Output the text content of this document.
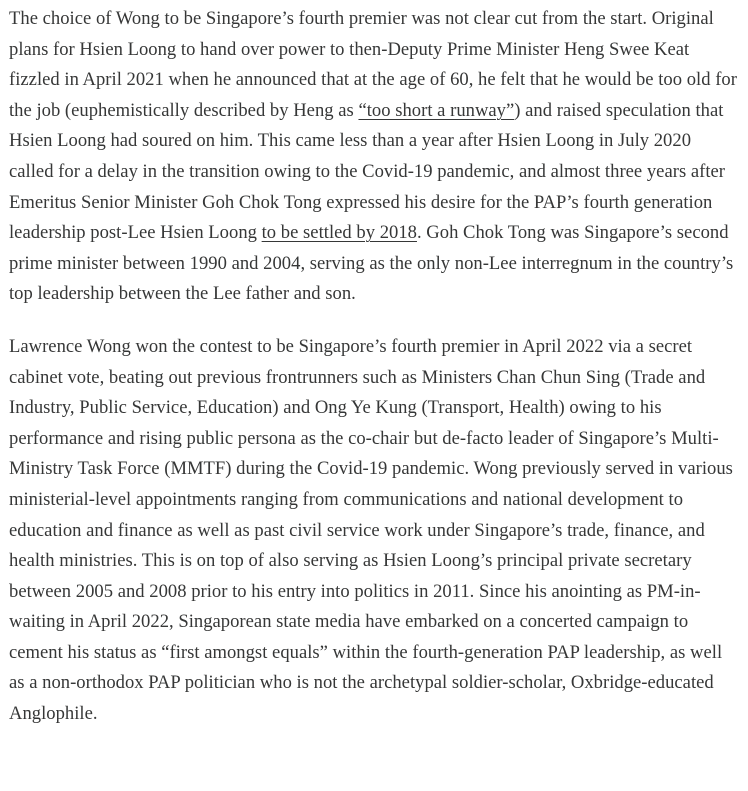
The choice of Wong to be Singapore’s fourth premier was not clear cut from the start. Original plans for Hsien Loong to hand over power to then-Deputy Prime Minister Heng Swee Keat fizzled in April 2021 when he announced that at the age of 60, he felt that he would be too old for the job (euphemistically described by Heng as “too short a runway”) and raised speculation that Hsien Loong had soured on him. This came less than a year after Hsien Loong in July 2020 called for a delay in the transition owing to the Covid-19 pandemic, and almost three years after Emeritus Senior Minister Goh Chok Tong expressed his desire for the PAP’s fourth generation leadership post-Lee Hsien Loong to be settled by 2018. Goh Chok Tong was Singapore’s second prime minister between 1990 and 2004, serving as the only non-Lee interregnum in the country’s top leadership between the Lee father and son.

Lawrence Wong won the contest to be Singapore’s fourth premier in April 2022 via a secret cabinet vote, beating out previous frontrunners such as Ministers Chan Chun Sing (Trade and Industry, Public Service, Education) and Ong Ye Kung (Transport, Health) owing to his performance and rising public persona as the co-chair but de-facto leader of Singapore’s Multi-Ministry Task Force (MMTF) during the Covid-19 pandemic. Wong previously served in various ministerial-level appointments ranging from communications and national development to education and finance as well as past civil service work under Singapore’s trade, finance, and health ministries. This is on top of also serving as Hsien Loong’s principal private secretary between 2005 and 2008 prior to his entry into politics in 2011. Since his anointing as PM-in-waiting in April 2022, Singaporean state media have embarked on a concerted campaign to cement his status as “first amongst equals” within the fourth-generation PAP leadership, as well as a non-orthodox PAP politician who is not the archetypal soldier-scholar, Oxbridge-educated Anglophile.
